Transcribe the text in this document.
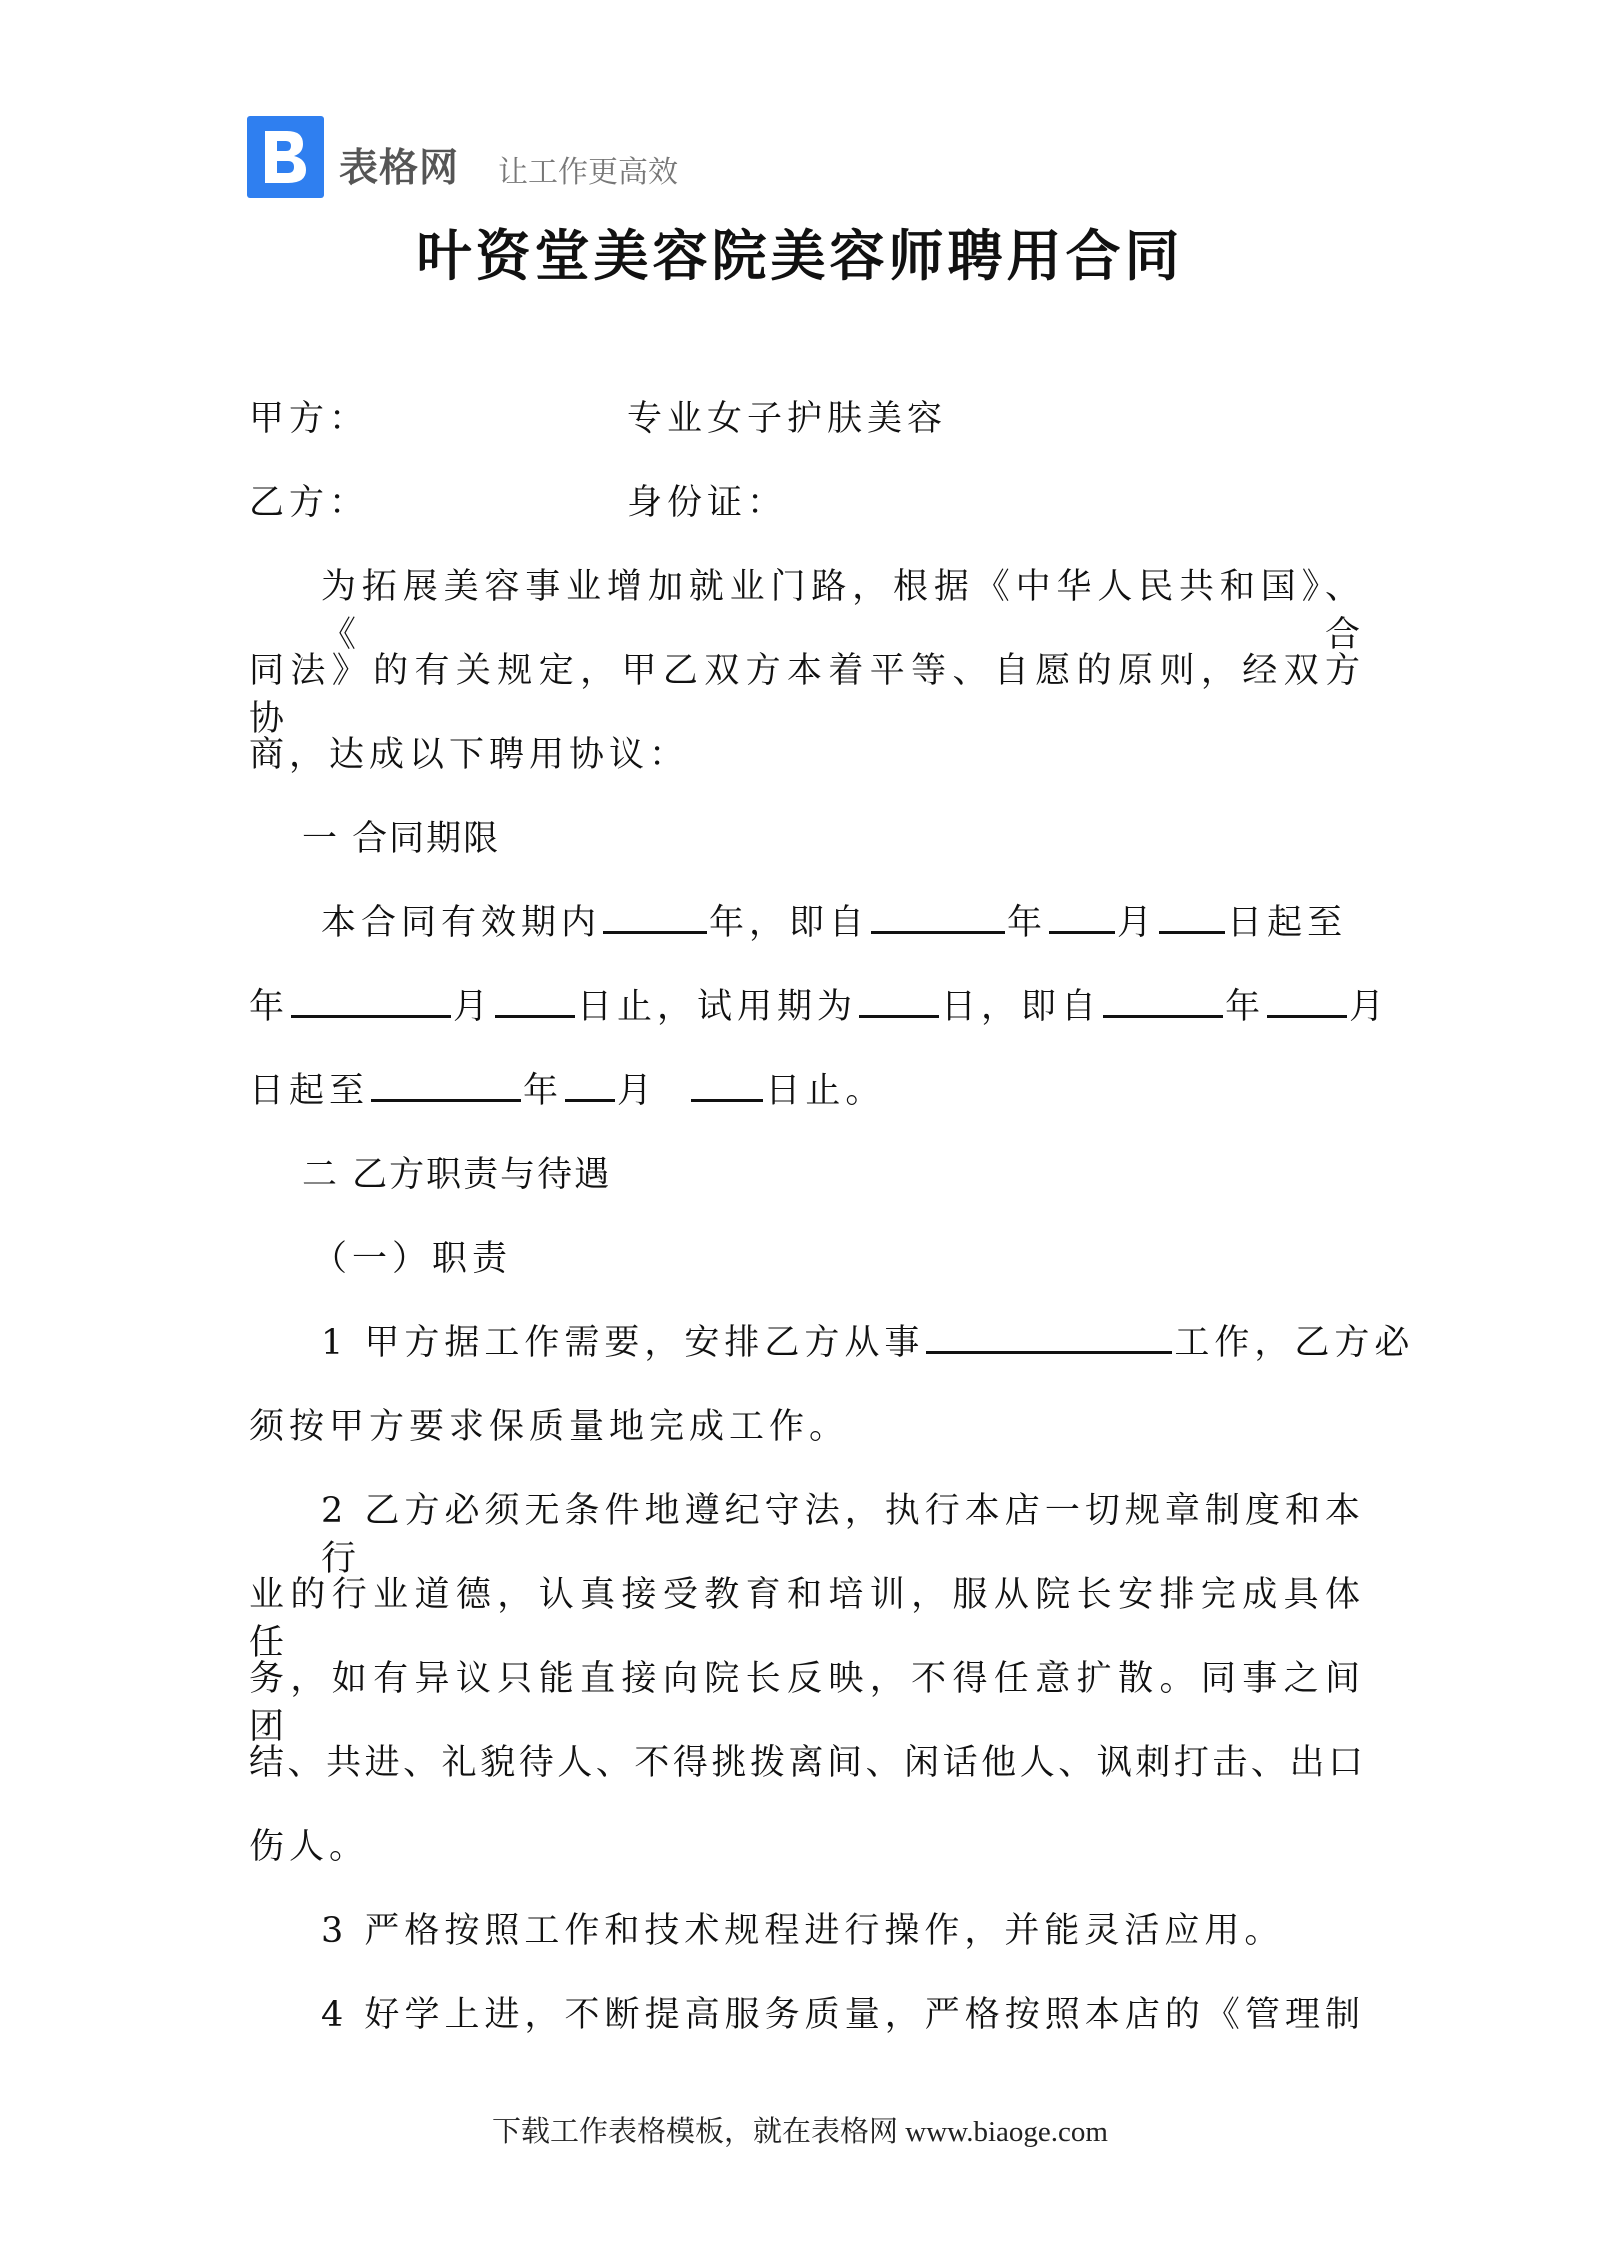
表格网 让工作更高效
叶资堂美容院美容师聘用合同
甲方：	专业女子护肤美容
乙方：	身份证：
为拓展美容事业增加就业门路，根据《中华人民共和国》、《合
同法》的有关规定，甲乙双方本着平等、自愿的原则，经双方协
商，达成以下聘用协议：
一 合同期限
本合同有效期内	年，即自	年 月 日起至
年	月 日止，试用期为 日，即自	年 月
日起至	年 月	日止。
二 乙方职责与待遇
（一）职责
1 甲方据工作需要，安排乙方从事	工作，乙方必
须按甲方要求保质量地完成工作。
2 乙方必须无条件地遵纪守法，执行本店一切规章制度和本行
业的行业道德，认真接受教育和培训，服从院长安排完成具体任
务，如有异议只能直接向院长反映，不得任意扩散。同事之间团
结、共进、礼貌待人、不得挑拨离间、闲话他人、讽刺打击、出口
伤人。
3 严格按照工作和技术规程进行操作，并能灵活应用。
4 好学上进，不断提高服务质量，严格按照本店的《管理制
下载工作表格模板，就在表格网 www.biaoge.com
